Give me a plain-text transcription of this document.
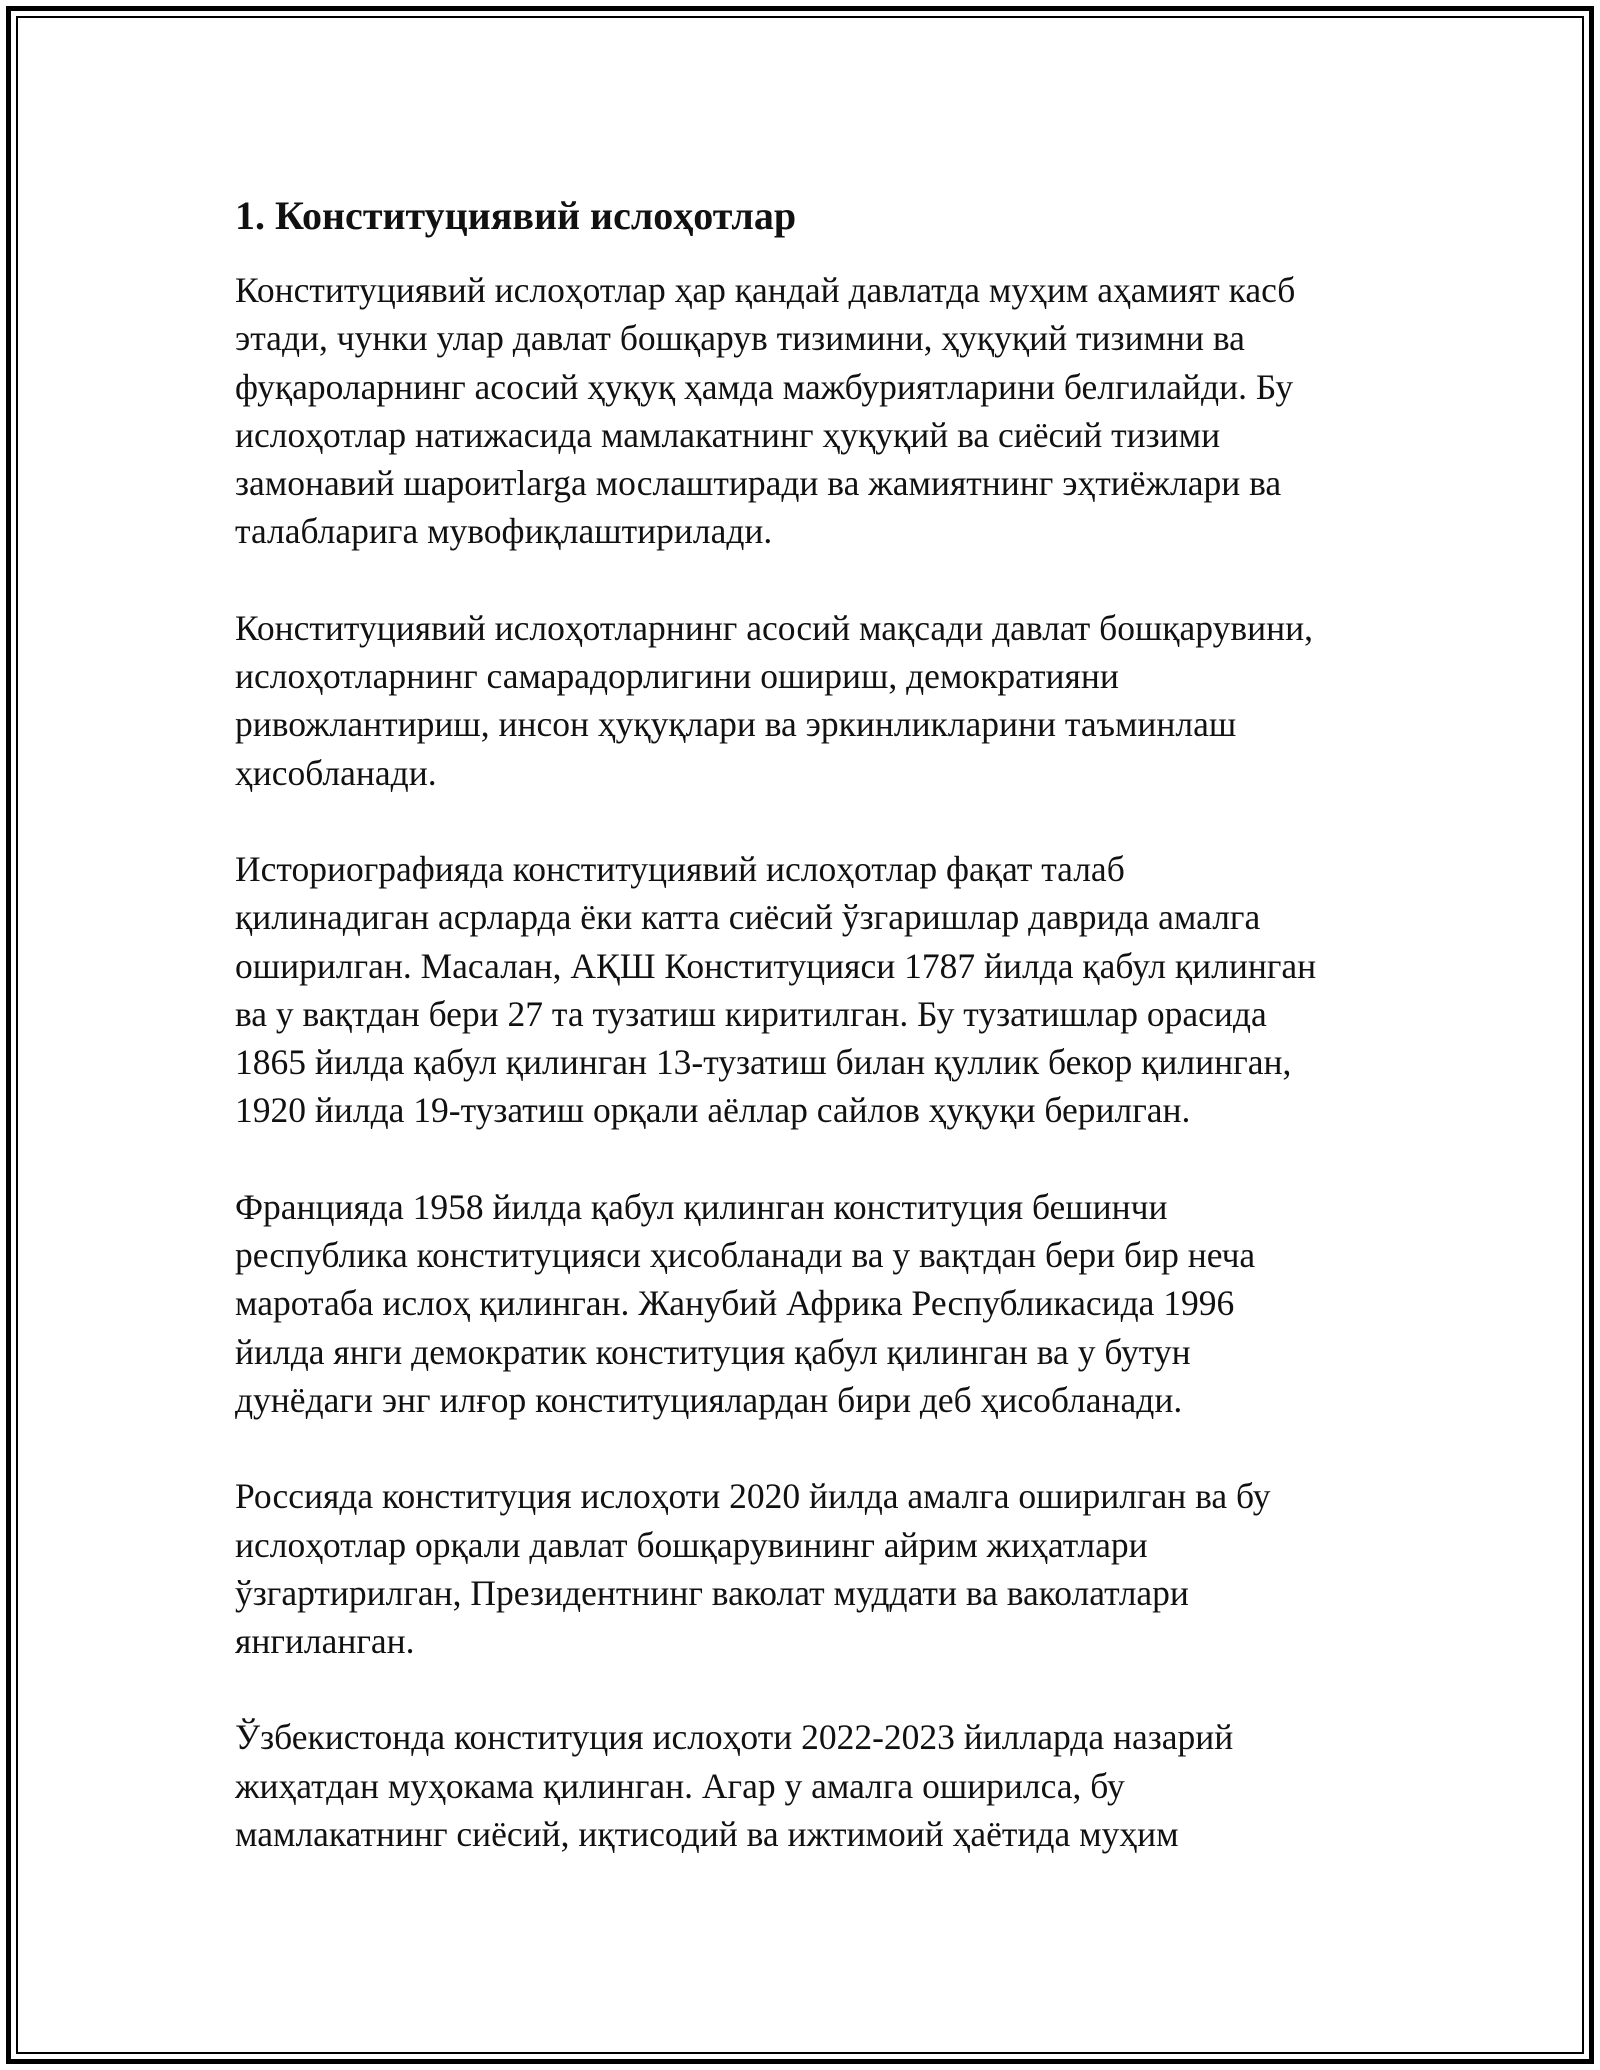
1. Конституциявий ислоҳотлар

Конституциявий ислоҳотлар ҳар қандай давлатда муҳим аҳамият касб
этади, чунки улар давлат бошқарув тизимини, ҳуқуқий тизимни ва
фуқароларнинг асосий ҳуқуқ ҳамда мажбуриятларини белгилайди. Бу
ислоҳотлар натижасида мамлакатнинг ҳуқуқий ва сиёсий тизими
замонавий шароитlarga мослаштиради ва жамиятнинг эҳтиёжлари ва
талабларига мувофиқлаштирилади.

Конституциявий ислоҳотларнинг асосий мақсади давлат бошқарувини,
ислоҳотларнинг самарадорлигини ошириш, демократияни
ривожлантириш, инсон ҳуқуқлари ва эркинликларини таъминлаш
ҳисобланади.

Историографияда конституциявий ислоҳотлар фақат талаб
қилинадиган асрларда ёки катта сиёсий ўзгаришлар даврида амалга
оширилган. Масалан, АҚШ Конституцияси 1787 йилда қабул қилинган
ва у вақтдан бери 27 та тузатиш киритилган. Бу тузатишлар орасида
1865 йилда қабул қилинган 13-тузатиш билан қуллик бекор қилинган,
1920 йилда 19-тузатиш орқали аёллар сайлов ҳуқуқи берилган.

Францияда 1958 йилда қабул қилинган конституция бешинчи
республика конституцияси ҳисобланади ва у вақтдан бери бир неча
маротаба ислоҳ қилинган. Жанубий Африка Республикасида 1996
йилда янги демократик конституция қабул қилинган ва у бутун
дунёдаги энг илғор конституциялардан бири деб ҳисобланади.

Россияда конституция ислоҳоти 2020 йилда амалга оширилган ва бу
ислоҳотлар орқали давлат бошқарувининг айрим жиҳатлари
ўзгартирилган, Президентнинг ваколат муддати ва ваколатлари
янгиланган.

Ўзбекистонда конституция ислоҳоти 2022-2023 йилларда назарий
жиҳатдан муҳокама қилинган. Агар у амалга оширилса, бу
мамлакатнинг сиёсий, иқтисодий ва ижтимоий ҳаётида муҳим
